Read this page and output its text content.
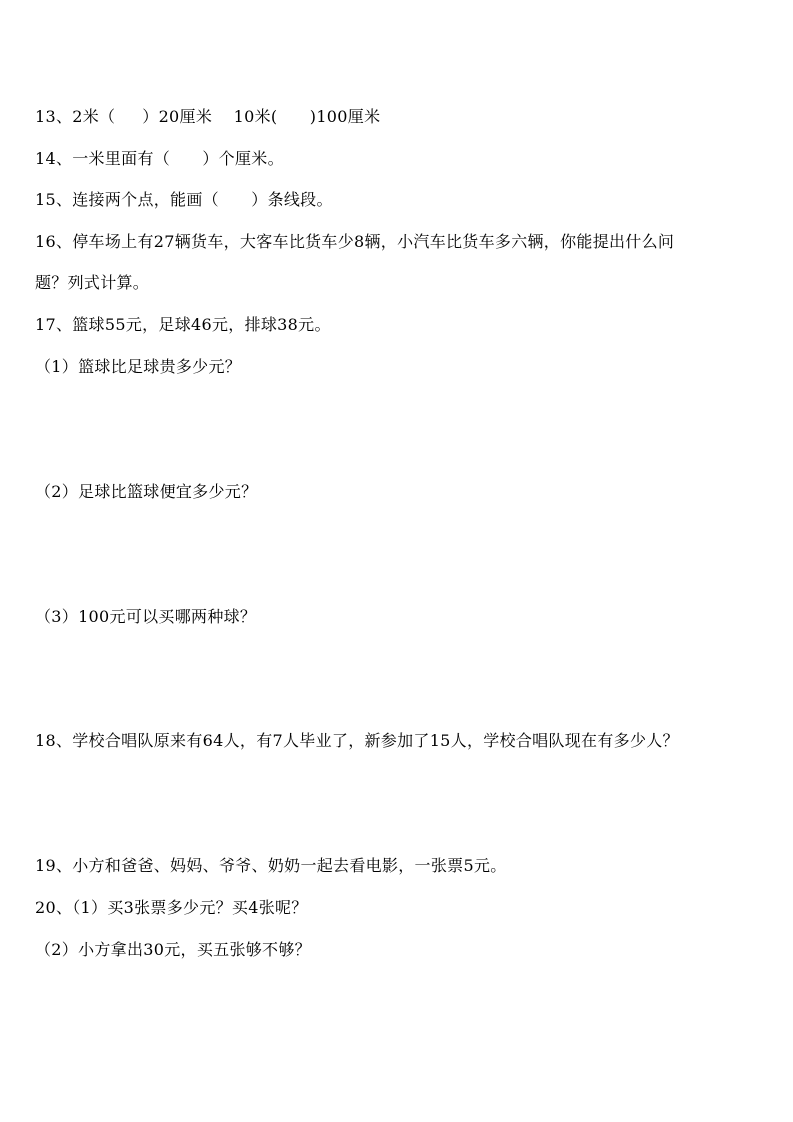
13、2米（     ）20厘米    10米(      )100厘米
14、一米里面有（      ）个厘米。
15、连接两个点，能画（      ）条线段。
16、停车场上有27辆货车，大客车比货车少8辆，小汽车比货车多六辆，你能提出什么问
题？列式计算。
17、篮球55元，足球46元，排球38元。
（1）篮球比足球贵多少元？
（2）足球比篮球便宜多少元？
（3）100元可以买哪两种球？
18、学校合唱队原来有64人，有7人毕业了，新参加了15人，学校合唱队现在有多少人？
19、小方和爸爸、妈妈、爷爷、奶奶一起去看电影，一张票5元。
20、（1）买3张票多少元？买4张呢？
（2）小方拿出30元，买五张够不够？
